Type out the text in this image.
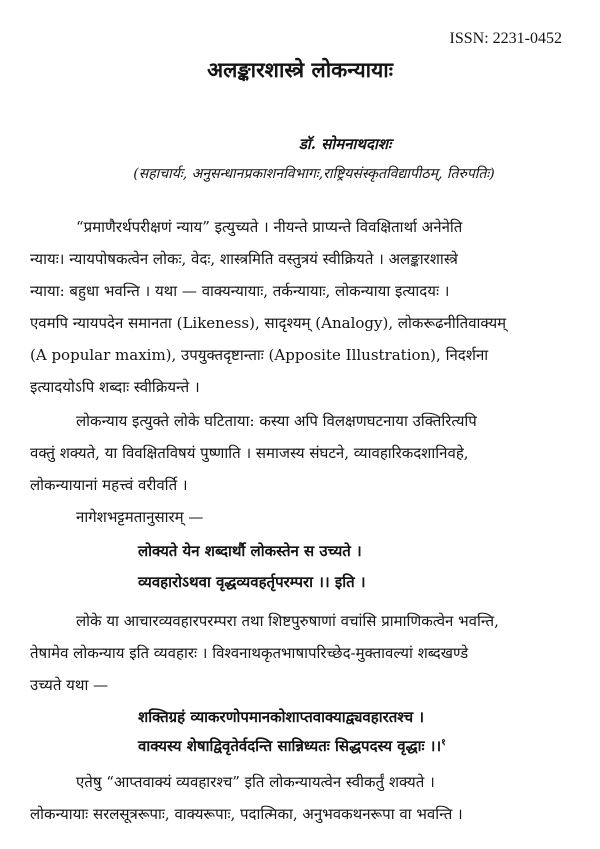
ISSN: 2231-0452
अलङ्कारशास्त्रे लोकन्यायाः
डॉ. सोमनाथदाशः
(सहाचार्यः, अनुसन्धानप्रकाशनविभागः,राष्ट्रियसंस्कृतविद्यापीठम्, तिरुपतिः)
“प्रमाणैरर्थपरीक्षणं न्याय” इत्युच्यते । नीयन्ते प्राप्यन्ते विवक्षितार्था अनेनेति
न्यायः। न्यायपोषकत्वेन लोकः, वेदः, शास्त्रमिति वस्तुत्रयं स्वीक्रियते । अलङ्कारशास्त्रे
न्याया: बहुधा भवन्ति । यथा — वाक्यन्यायाः, तर्कन्यायाः, लोकन्याया इत्यादयः ।
एवमपि न्यायपदेन समानता (Likeness), सादृश्यम् (Analogy), लोकरूढनीतिवाक्यम्
(A popular maxim), उपयुक्तदृष्टान्ताः (Apposite Illustration), निदर्शना
इत्यादयोऽपि शब्दाः स्वीक्रियन्ते ।
लोकन्याय इत्युक्ते लोके घटिताया: कस्या अपि विलक्षणघटनाया उक्तिरित्यपि
वक्तुं शक्यते, या विवक्षितविषयं पुष्णाति । समाजस्य संघटने, व्यावहारिकदशानिवहे,
लोकन्यायानां महत्त्वं वरीवर्ति ।
नागेशभट्टमतानुसारम् —
लोक्यते येन शब्दार्थौ लोकस्तेन स उच्यते ।
व्यवहारोऽथवा वृद्धव्यवहर्तृपरम्परा ।। इति ।
लोके या आचारव्यवहारपरम्परा तथा शिष्टपुरुषाणां वचांसि प्रामाणिकत्वेन भवन्ति,
तेषामेव लोकन्याय इति व्यवहारः । विश्वनाथकृतभाषापरिच्छेद-मुक्तावल्यां शब्दखण्डे
उच्यते यथा —
शक्तिग्रहं व्याकरणोपमानकोशाप्तवाक्याद्व्यवहारतश्च ।
वाक्यस्य शेषाद्विवृतेर्वदन्ति सान्निध्यतः सिद्धपदस्य वृद्धाः ।।$^१$
एतेषु “आप्तवाक्यं व्यवहारश्च” इति लोकन्यायत्वेन स्वीकर्तुं शक्यते ।
लोकन्यायाः सरलसूत्ररूपाः, वाक्यरूपाः, पदात्मिका, अनुभवकथनरूपा वा भवन्ति ।
